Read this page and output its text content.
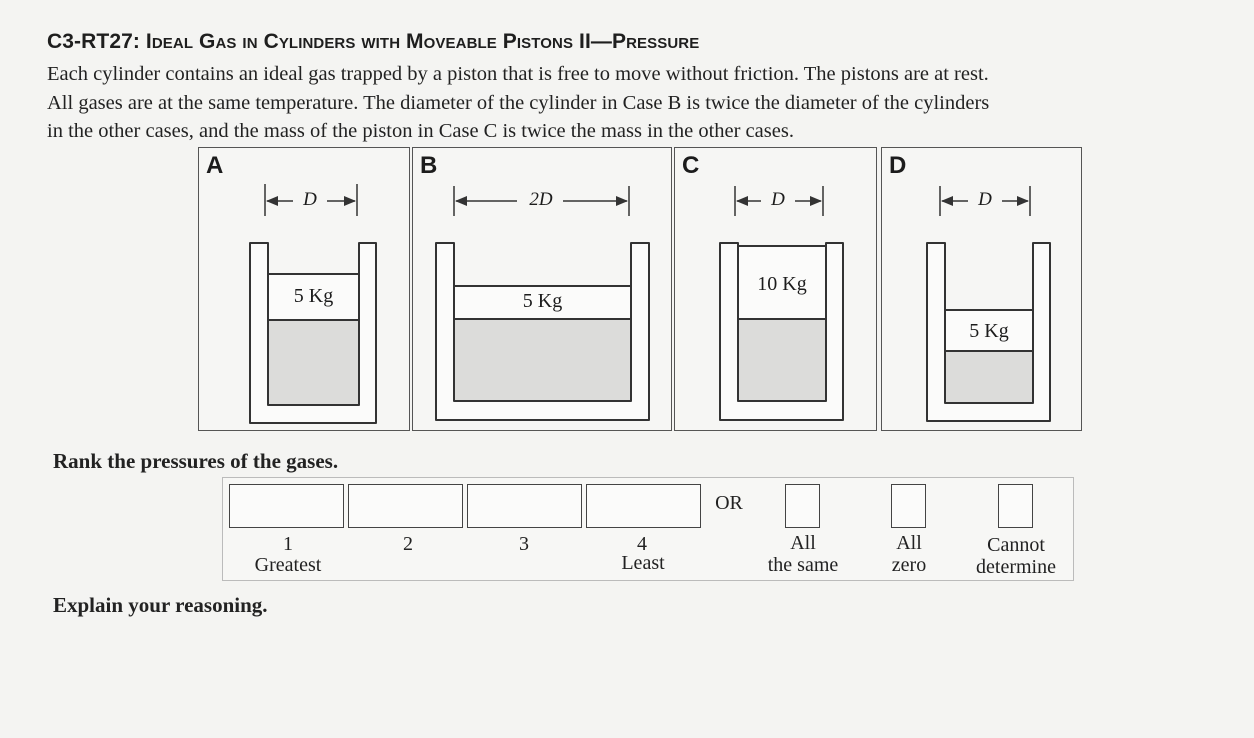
C3-RT27: Ideal Gas in Cylinders with Moveable Pistons II—Pressure
Each cylinder contains an ideal gas trapped by a piston that is free to move without friction. The pistons are at rest.
All gases are at the same temperature. The diameter of the cylinder in Case B is twice the diameter of the cylinders
in the other cases, and the mass of the piston in Case C is twice the mass in the other cases.
A
D
5 Kg
B
2D
5 Kg
C
D
10 Kg
D
D
5 Kg
Rank the pressures of the gases.
OR
1	2	3	4
Greatest	Least
All
the same
All
zero
Cannot
determine
Explain your reasoning.
